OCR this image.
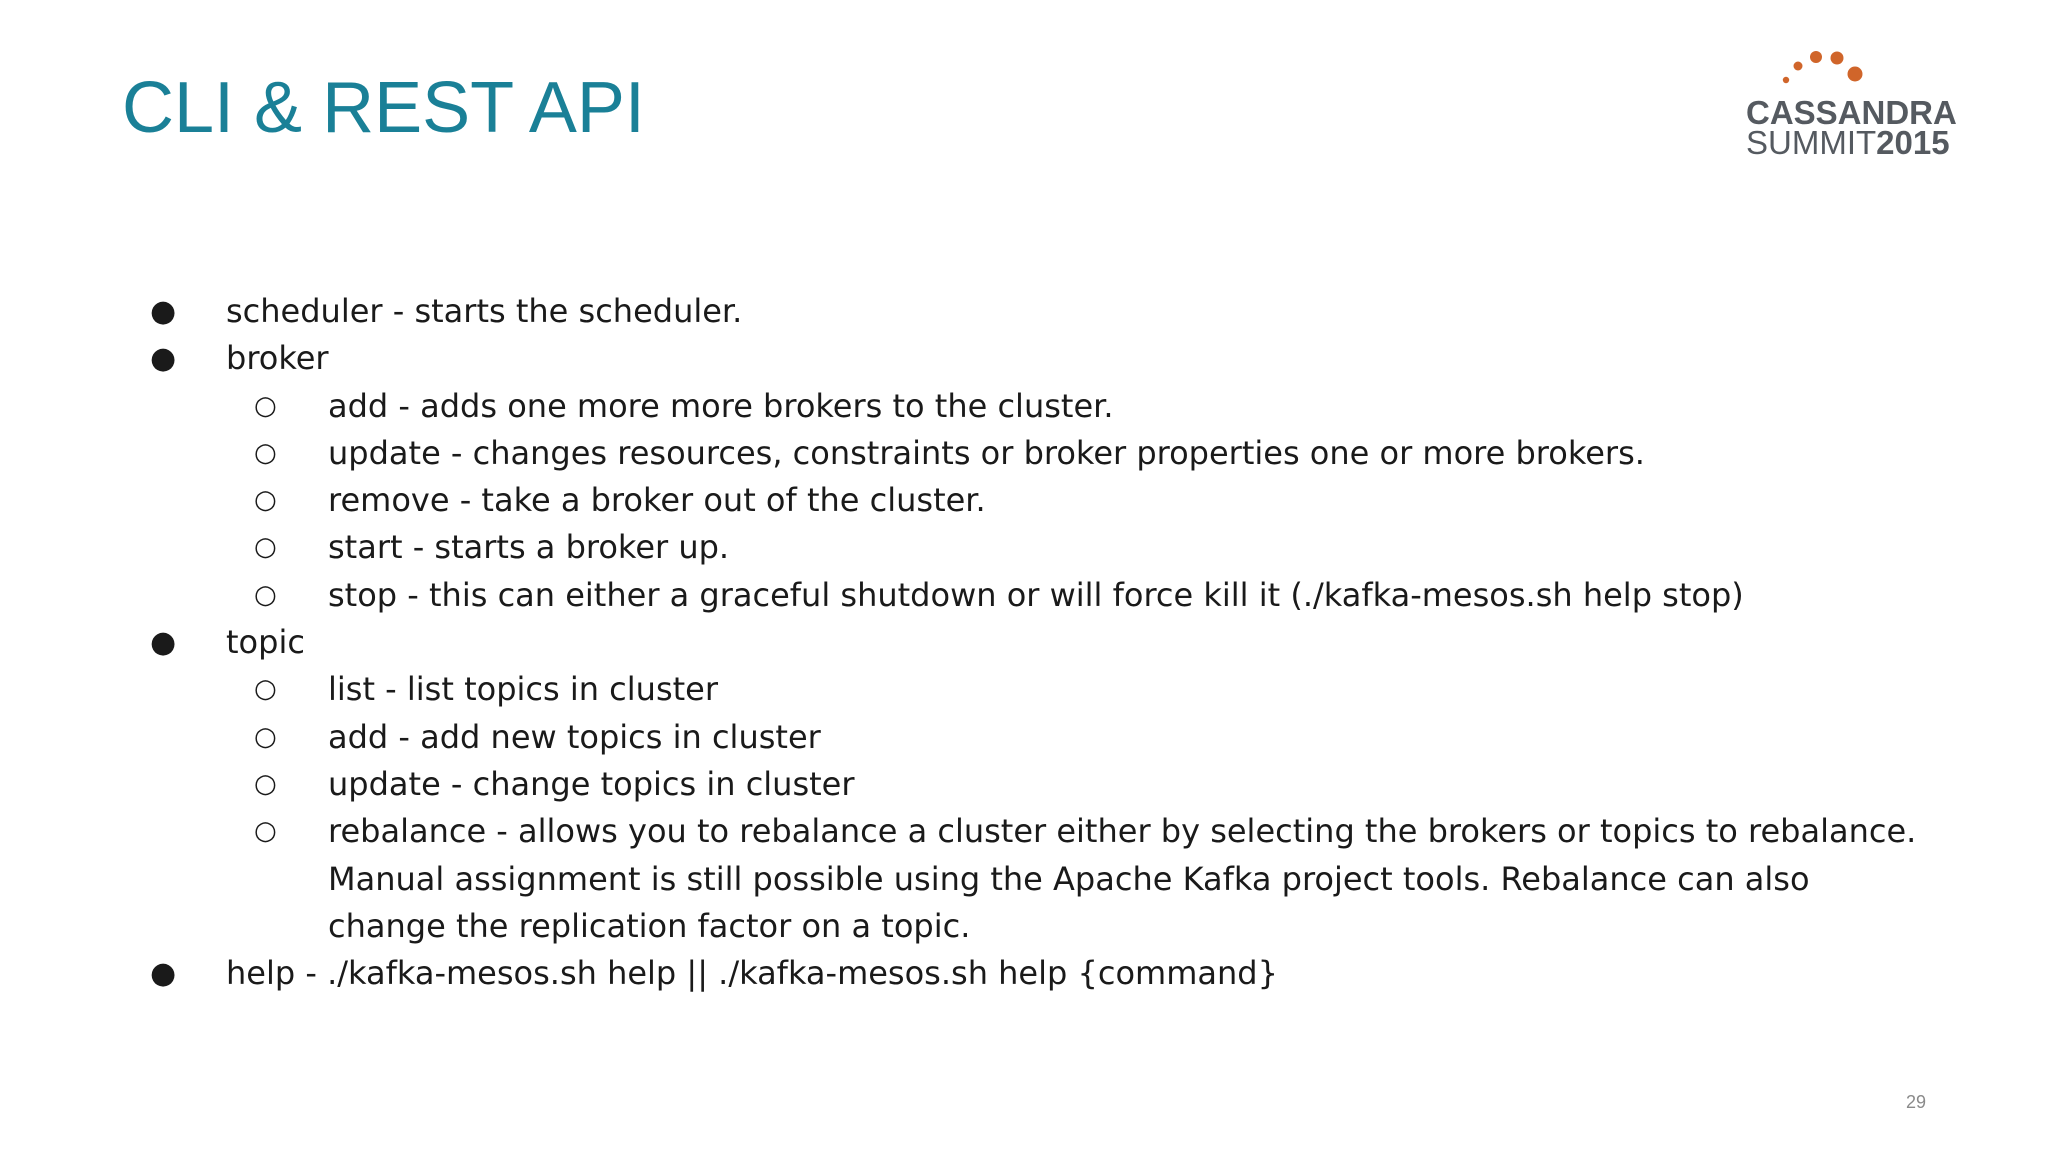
CLI & REST API	CASSANDRA
SUMMIT2015
●	scheduler - starts the scheduler.
●	broker
○	add - adds one more more brokers to the cluster.
○	update - changes resources, constraints or broker properties one or more brokers.
○	remove - take a broker out of the cluster.
○	start - starts a broker up.
○	stop - this can either a graceful shutdown or will force kill it (./kafka-mesos.sh help stop)
●	topic
○	list - list topics in cluster
○	add - add new topics in cluster
○	update - change topics in cluster
○	rebalance - allows you to rebalance a cluster either by selecting the brokers or topics to rebalance. Manual assignment is still possible using the Apache Kafka project tools. Rebalance can also change the replication factor on a topic.
●	help - ./kafka-mesos.sh help || ./kafka-mesos.sh help {command}
29
